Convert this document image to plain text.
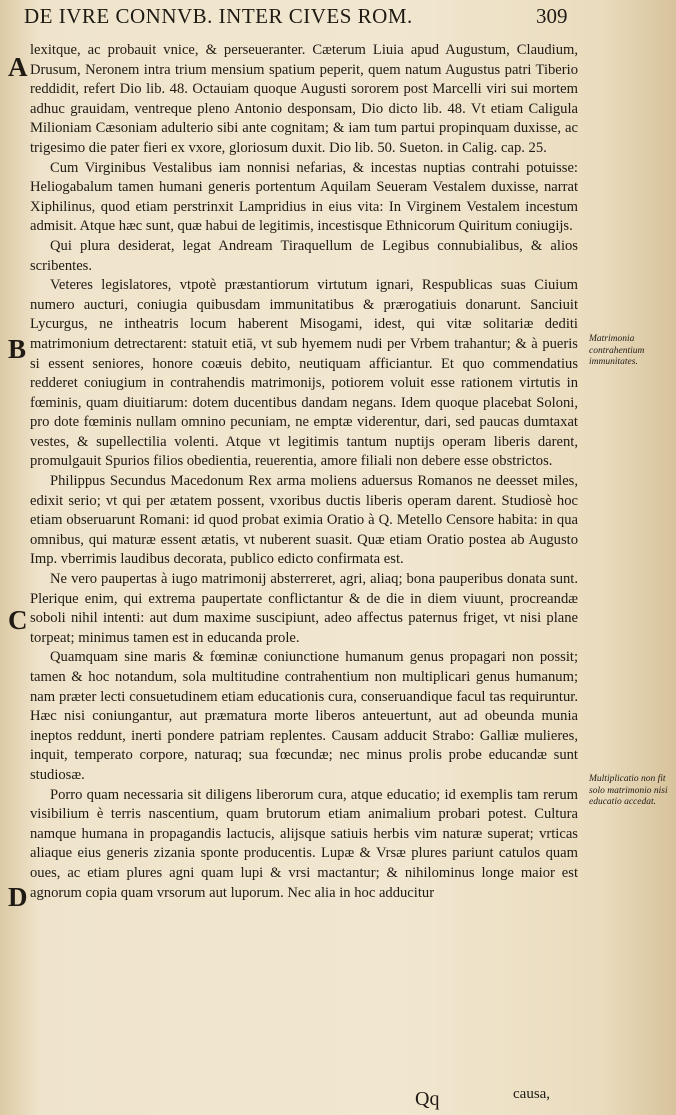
DE IVRE CONNVB. INTER CIVES ROM.	309
A
B
C
D
Matrimonia contrahentium immunitates.
Multiplicatio non fit solo matrimonio nisi educatio accedat.

lexitque, ac probauit vnice, & perseueranter. Cæterum Liuia apud Augustum, Claudium, Drusum, Neronem intra trium mensium spatium peperit, quem natum Augustus patri Tiberio reddidit, refert Dio lib. 48. Octauiam quoque Augusti sororem post Marcelli viri sui mortem adhuc grauidam, ventreque pleno Antonio desponsam, Dio dicto lib. 48. Vt etiam Caligula Milioniam Cæsoniam adulterio sibi ante cognitam; & iam tum partui propinquam duxisse, ac trigesimo die pater fieri ex vxore, gloriosum duxit. Dio lib. 50. Sueton. in Calig. cap. 25.

Cum Virginibus Vestalibus iam nonnisi nefarias, & incestas nuptias contrahi potuisse: Heliogabalum tamen humani generis portentum Aquilam Seueram Vestalem duxisse, narrat Xiphilinus, quod etiam perstrinxit Lampridius in eius vita: In Virginem Vestalem incestum admisit. Atque hæc sunt, quæ habui de legitimis, incestisque Ethnicorum Quiritum coniugijs.

Qui plura desiderat, legat Andream Tiraquellum de Legibus connubialibus, & alios scribentes.

Veteres legislatores, vtpotè præstantiorum virtutum ignari, Respublicas suas Ciuium numero aucturi, coniugia quibusdam immunitatibus & prærogatiuis donarunt. Sanciuit Lycurgus, ne intheatris locum haberent Misogami, idest, qui vitæ solitariæ dediti matrimonium detrectarent: statuit etiā, vt sub hyemem nudi per Vrbem trahantur; & à pueris si essent seniores, honore coæuis debito, neutiquam afficiantur. Et quo commendatius redderet coniugium in contrahendis matrimonijs, potiorem voluit esse rationem virtutis in fœminis, quam diuitiarum: dotem ducentibus dandam negans. Idem quoque placebat Soloni, pro dote fœminis nullam omnino pecuniam, ne emptæ viderentur, dari, sed paucas dumtaxat vestes, & supellectilia volenti. Atque vt legitimis tantum nuptijs operam liberis darent, promulgauit Spurios filios obedientia, reuerentia, amore filiali non debere esse obstrictos.

Philippus Secundus Macedonum Rex arma moliens aduersus Romanos ne deesset miles, edixit serio; vt qui per ætatem possent, vxoribus ductis liberis operam darent. Studiosè hoc etiam obseruarunt Romani: id quod probat eximia Oratio à Q. Metello Censore habita: in qua omnibus, qui maturæ essent ætatis, vt nuberent suasit. Quæ etiam Oratio postea ab Augusto Imp. vberrimis laudibus decorata, publico edicto confirmata est.

Ne vero paupertas à iugo matrimonij absterreret, agri, aliaq; bona pauperibus donata sunt. Plerique enim, qui extrema paupertate conflictantur & de die in diem viuunt, procreandæ soboli nihil intenti: aut dum maxime suscipiunt, adeo affectus paternus friget, vt nisi plane torpeat; minimus tamen est in educanda prole.

Quamquam sine maris & fœminæ coniunctione humanum genus propagari non possit; tamen & hoc notandum, sola multitudine contrahentium non multiplicari genus humanum; nam præter lecti consuetudinem etiam educationis cura, conseruandique facul tas requiruntur. Hæc nisi coniungantur, aut præmatura morte liberos anteuertunt, aut ad obeunda munia ineptos reddunt, inerti pondere patriam replentes. Causam adducit Strabo: Galliæ mulieres, inquit, temperato corpore, naturaq; sua fœcundæ; nec minus prolis probe educandæ sunt studiosæ.

Porro quam necessaria sit diligens liberorum cura, atque educatio; id exemplis tam rerum visibilium è terris nascentium, quam brutorum etiam animalium probari potest. Cultura namque humana in propagandis lactucis, alijsque satiuis herbis vim naturæ superat; vrticas aliaque eius generis zizania sponte producentis. Lupæ & Vrsæ plures pariunt catulos quam oues, ac etiam plures agni quam lupi & vrsi mactantur; & nihilominus longe maior est agnorum copia quam vrsorum aut luporum. Nec alia in hoc adducitur

Qq	causa,
